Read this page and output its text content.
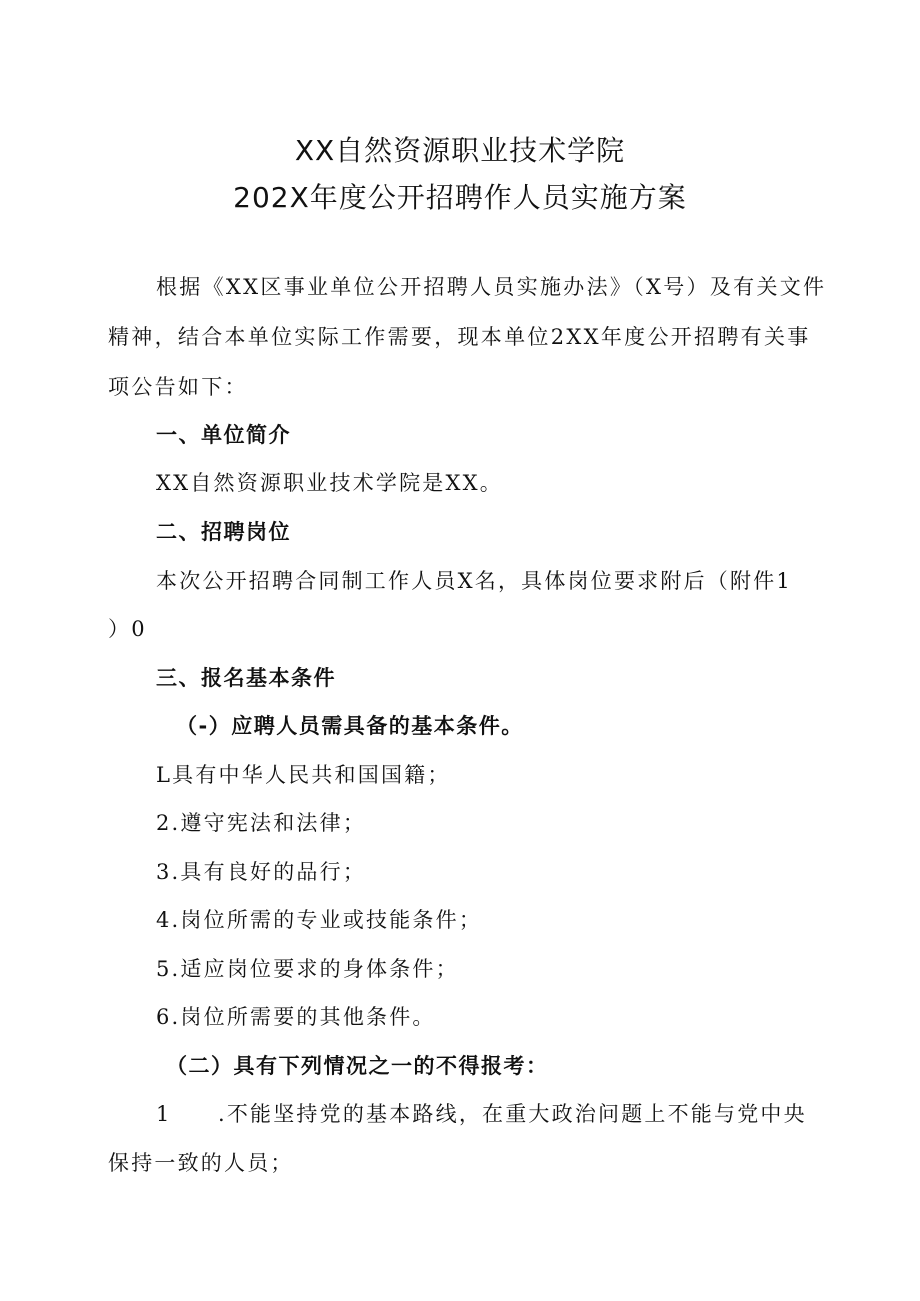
XX自然资源职业技术学院
202X年度公开招聘作人员实施方案
根据《XX区事业单位公开招聘人员实施办法》（X号）及有关文件精神，结合本单位实际工作需要，现本单位2XX年度公开招聘有关事项公告如下：
一、单位简介
XX自然资源职业技术学院是XX。
二、招聘岗位
本次公开招聘合同制工作人员X名，具体岗位要求附后（附件1
）0
三、报名基本条件
（-）应聘人员需具备的基本条件。
L具有中华人民共和国国籍；
2.遵守宪法和法律；
3.具有良好的品行；
4.岗位所需的专业或技能条件；
5.适应岗位要求的身体条件；
6.岗位所需要的其他条件。
（二）具有下列情况之一的不得报考：
1　　.不能坚持党的基本路线，在重大政治问题上不能与党中央
保持一致的人员；
